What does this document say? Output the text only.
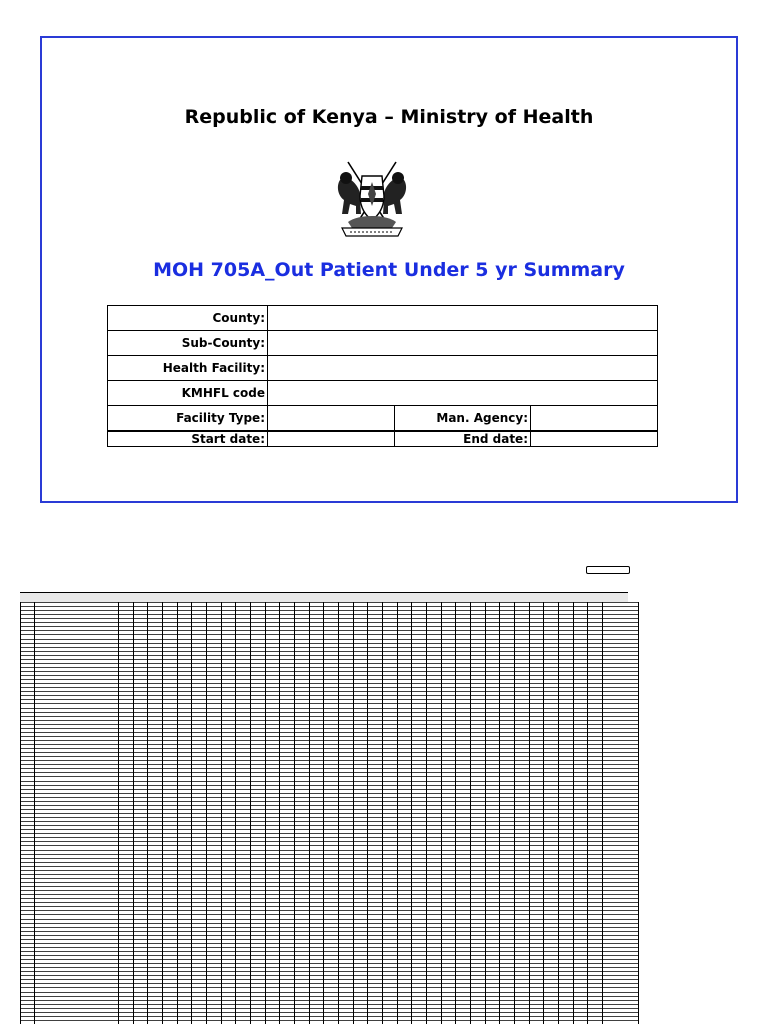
Republic of Kenya – Ministry of Health
MOH 705A_Out Patient Under 5 yr Summary
County:			
Sub-County:			
Health Facility:			
KMHFL code			
Facility Type:		Man. Agency:	
Start date:		End date:	
